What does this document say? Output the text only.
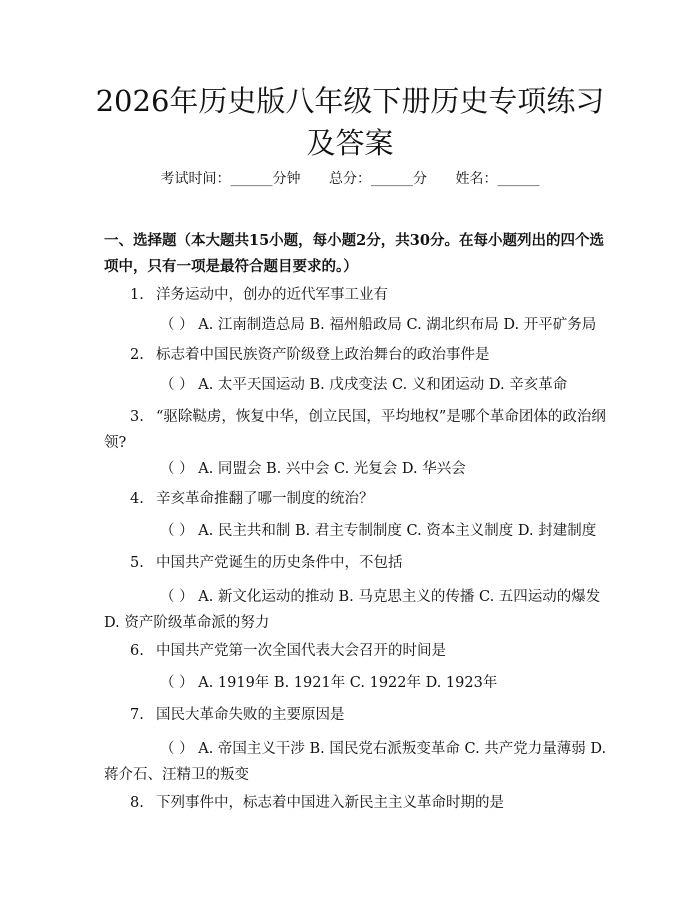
2026年历史版八年级下册历史专项练习及答案
考试时间：______分钟 总分：______分 姓名：______
一、选择题（本大题共15小题，每小题2分，共30分。在每小题列出的四个选项中，只有一项是最符合题目要求的。）
1. 洋务运动中，创办的近代军事工业有
（ ） A. 江南制造总局 B. 福州船政局 C. 湖北织布局 D. 开平矿务局
2. 标志着中国民族资产阶级登上政治舞台的政治事件是
（ ） A. 太平天国运动 B. 戊戌变法 C. 义和团运动 D. 辛亥革命
3. “驱除鞑虏，恢复中华，创立民国，平均地权”是哪个革命团体的政治纲领?
（ ） A. 同盟会 B. 兴中会 C. 光复会 D. 华兴会
4. 辛亥革命推翻了哪一制度的统治？
（ ） A. 民主共和制 B. 君主专制制度 C. 资本主义制度 D. 封建制度
5. 中国共产党诞生的历史条件中，不包括
（ ） A. 新文化运动的推动 B. 马克思主义的传播 C. 五四运动的爆发 D. 资产阶级革命派的努力
6. 中国共产党第一次全国代表大会召开的时间是
（ ） A. 1919年 B. 1921年 C. 1922年 D. 1923年
7. 国民大革命失败的主要原因是
（ ） A. 帝国主义干涉 B. 国民党右派叛变革命 C. 共产党力量薄弱 D. 蒋介石、汪精卫的叛变
8. 下列事件中，标志着中国进入新民主主义革命时期的是
